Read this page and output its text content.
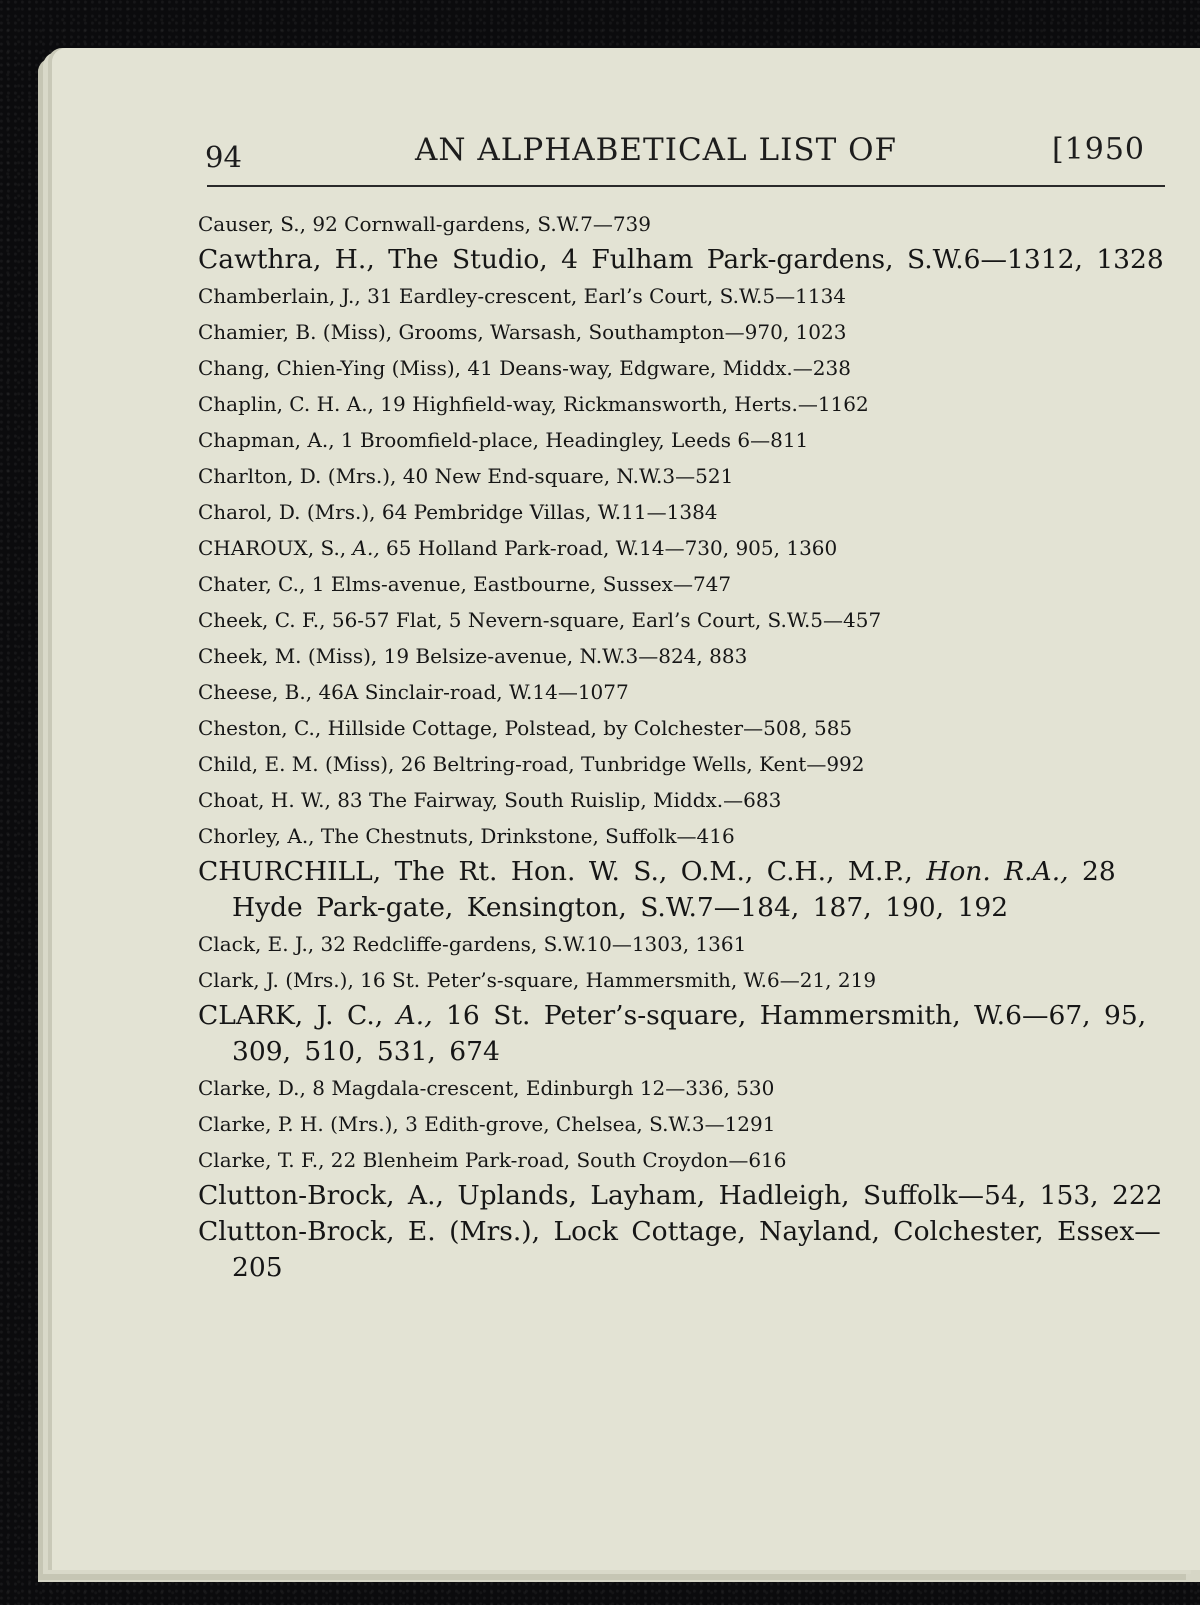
94	AN ALPHABETICAL LIST OF	[1950

Causer, S., 92 Cornwall-gardens, S.W.7—739

Cawthra, H., The Studio, 4 Fulham Park-gardens, S.W.6—1312, 1328

Chamberlain, J., 31 Eardley-crescent, Earl’s Court, S.W.5—1134

Chamier, B. (Miss), Grooms, Warsash, Southampton—970, 1023

Chang, Chien-Ying (Miss), 41 Deans-way, Edgware, Middx.—238

Chaplin, C. H. A., 19 Highfield-way, Rickmansworth, Herts.—1162

Chapman, A., 1 Broomfield-place, Headingley, Leeds 6—811

Charlton, D. (Mrs.), 40 New End-square, N.W.3—521

Charol, D. (Mrs.), 64 Pembridge Villas, W.11—1384

CHAROUX, S., A., 65 Holland Park-road, W.14—730, 905, 1360

Chater, C., 1 Elms-avenue, Eastbourne, Sussex—747

Cheek, C. F., 56-57 Flat, 5 Nevern-square, Earl’s Court, S.W.5—457

Cheek, M. (Miss), 19 Belsize-avenue, N.W.3—824, 883

Cheese, B., 46A Sinclair-road, W.14—1077

Cheston, C., Hillside Cottage, Polstead, by Colchester—508, 585

Child, E. M. (Miss), 26 Beltring-road, Tunbridge Wells, Kent—992

Choat, H. W., 83 The Fairway, South Ruislip, Middx.—683

Chorley, A., The Chestnuts, Drinkstone, Suffolk—416

CHURCHILL, The Rt. Hon. W. S., O.M., C.H., M.P., Hon. R.A., 28 Hyde Park-gate, Kensington, S.W.7—184, 187, 190, 192

Clack, E. J., 32 Redcliffe-gardens, S.W.10—1303, 1361

Clark, J. (Mrs.), 16 St. Peter’s-square, Hammersmith, W.6—21, 219

CLARK, J. C., A., 16 St. Peter’s-square, Hammersmith, W.6—67, 95, 309, 510, 531, 674

Clarke, D., 8 Magdala-crescent, Edinburgh 12—336, 530

Clarke, P. H. (Mrs.), 3 Edith-grove, Chelsea, S.W.3—1291

Clarke, T. F., 22 Blenheim Park-road, South Croydon—616

Clutton-Brock, A., Uplands, Layham, Hadleigh, Suffolk—54, 153, 222

Clutton-Brock, E. (Mrs.), Lock Cottage, Nayland, Colchester, Essex—205
